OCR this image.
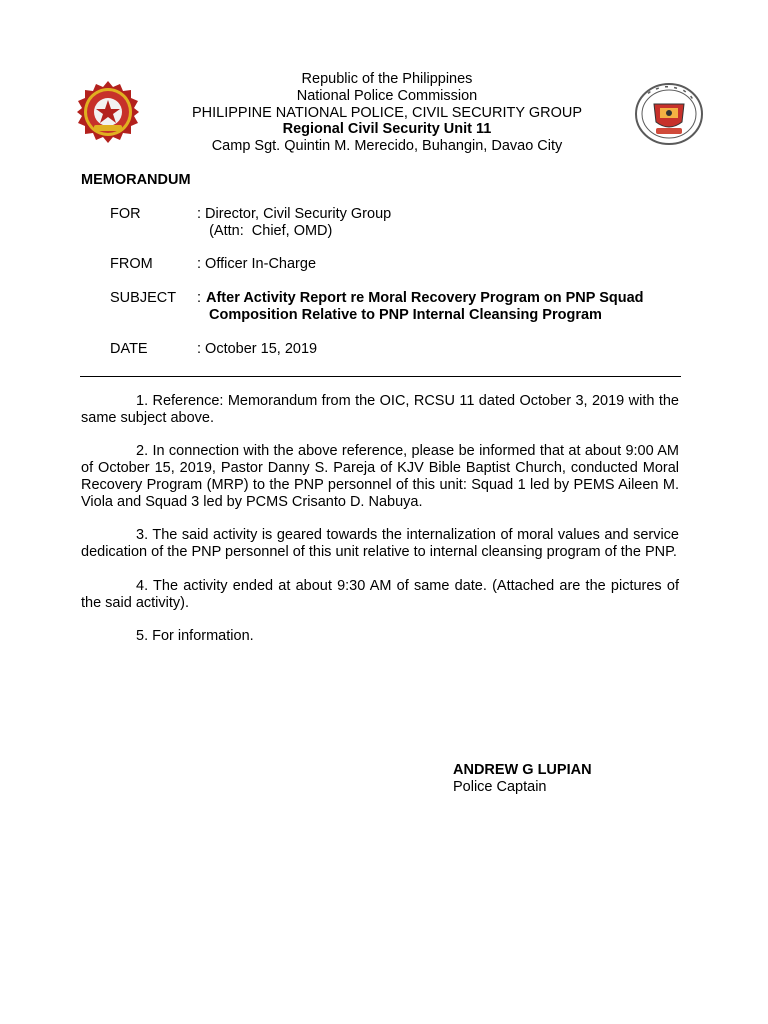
Republic of the Philippines
National Police Commission
PHILIPPINE NATIONAL POLICE, CIVIL SECURITY GROUP
Regional Civil Security Unit 11
Camp Sgt. Quintin M. Merecido, Buhangin, Davao City
MEMORANDUM
FOR	: Director, Civil Security Group
(Attn:  Chief, OMD)
FROM	: Officer In-Charge
SUBJECT : After Activity Report re Moral Recovery Program on PNP Squad
Composition Relative to PNP Internal Cleansing Program
DATE	: October 15, 2019

1. Reference: Memorandum from the OIC, RCSU 11 dated October 3, 2019 with the same subject above.

2. In connection with the above reference, please be informed that at about 9:00 AM of October 15, 2019, Pastor Danny S. Pareja of KJV Bible Baptist Church, conducted Moral Recovery Program (MRP) to the PNP personnel of this unit: Squad 1 led by PEMS Aileen M. Viola and Squad 3 led by PCMS Crisanto D. Nabuya.

3. The said activity is geared towards the internalization of moral values and service dedication of the PNP personnel of this unit relative to internal cleansing program of the PNP.

4. The activity ended at about 9:30 AM of same date. (Attached are the pictures of the said activity).

5. For information.

ANDREW G LUPIAN
Police Captain
